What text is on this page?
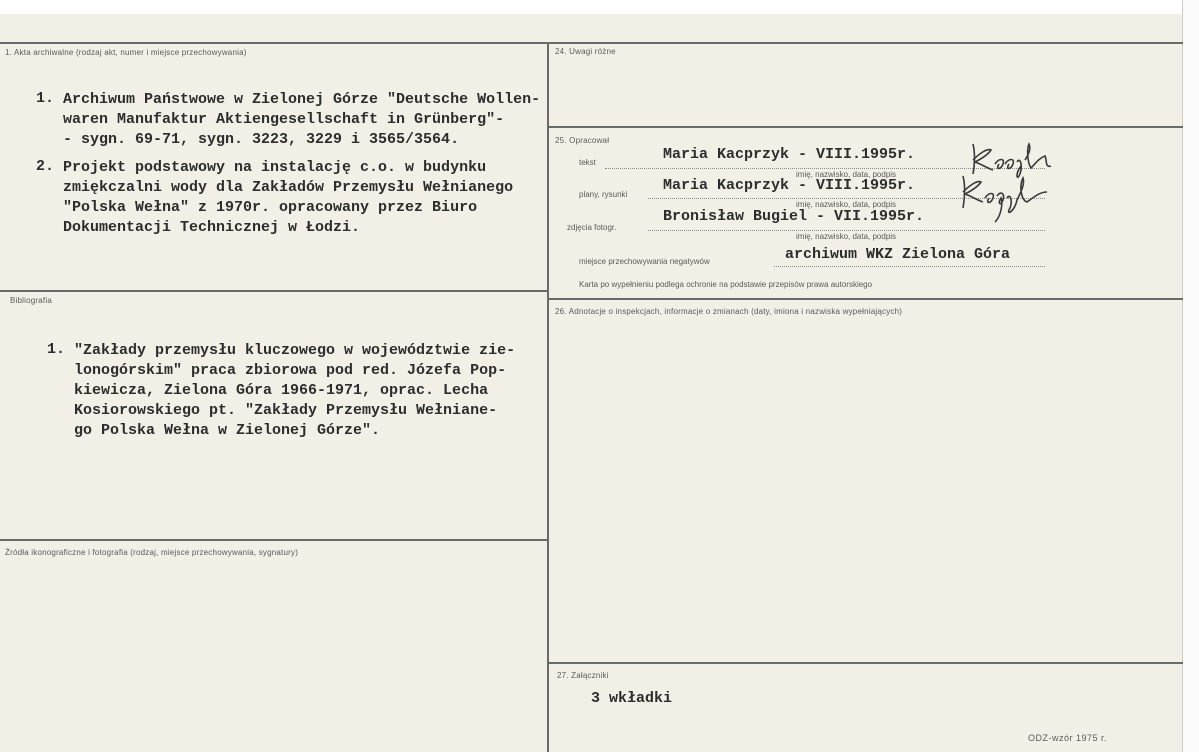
1. Akta archiwalne (rodzaj akt, numer i miejsce przechowywania)
1. Archiwum Państwowe w Zielonej Górze "Deutsche Wollen-
waren Manufaktur Aktiengesellschaft in Grünberg"-
- sygn. 69-71, sygn. 3223, 3229 i 3565/3564.
2. Projekt podstawowy na instalację c.o. w budynku
zmiękczalni wody dla Zakładów Przemysłu Wełnianego
"Polska Wełna" z 1970r. opracowany przez Biuro
Dokumentacji Technicznej w Łodzi.
Bibliografia
1. "Zakłady przemysłu kluczowego w województwie zie-
lonogórskim" praca zbiorowa pod red. Józefa Pop-
kiewicza, Zielona Góra 1966-1971, oprac. Lecha
Kosiorowskiego pt. "Zakłady Przemysłu Wełniane-
go Polska Wełna w Zielonej Górze".
Źródła ikonograficzne i fotografia (rodzaj, miejsce przechowywania, sygnatury)
24. Uwagi różne
25. Opracował
tekst	Maria Kacprzyk - VIII.1995r.
imię, nazwisko, data, podpis
plany, rysunki
Maria Kacprzyk - VIII.1995r.
imię, nazwisko, data, podpis
zdjęcia fotogr.
Bronisław Bugiel - VII.1995r.
imię, nazwisko, data, podpis
miejsce przechowywania negatywów	archiwum WKZ Zielona Góra
Karta po wypełnieniu podlega ochronie na podstawie przepisów prawa autorskiego
26. Adnotacje o inspekcjach, informacje o zmianach (daty, imiona i nazwiska wypełniających)
27. Załączniki
3 wkładki
ODZ-wzór 1975 r.
